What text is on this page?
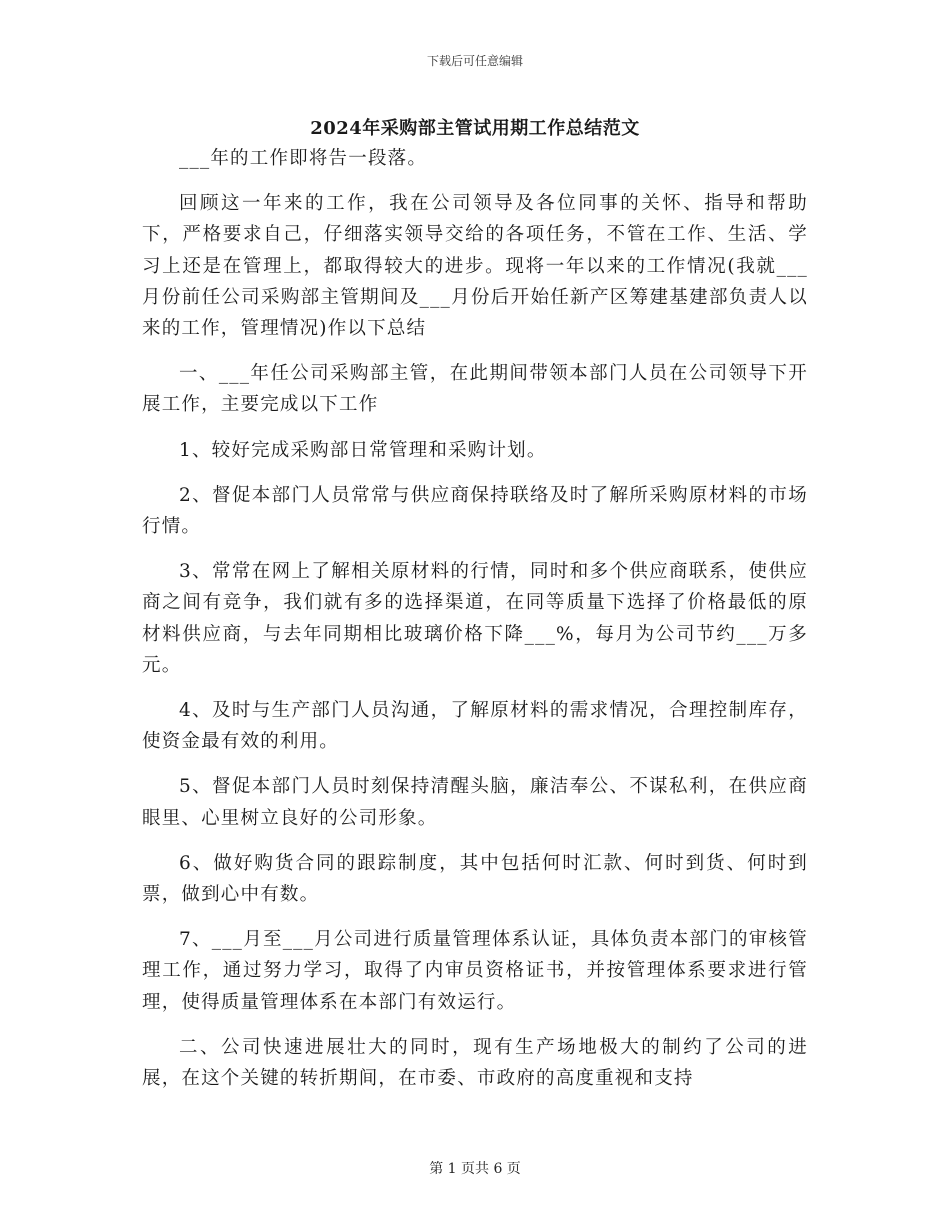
下载后可任意编辑
2024年采购部主管试用期工作总结范文

___年的工作即将告一段落。

回顾这一年来的工作，我在公司领导及各位同事的关怀、指导和帮助下，严格要求自己，仔细落实领导交给的各项任务，不管在工作、生活、学习上还是在管理上，都取得较大的进步。现将一年以来的工作情况(我就___月份前任公司采购部主管期间及___月份后开始任新产区筹建基建部负责人以来的工作，管理情况)作以下总结

一、___年任公司采购部主管，在此期间带领本部门人员在公司领导下开展工作，主要完成以下工作

1、较好完成采购部日常管理和采购计划。

2、督促本部门人员常常与供应商保持联络及时了解所采购原材料的市场行情。

3、常常在网上了解相关原材料的行情，同时和多个供应商联系，使供应商之间有竞争，我们就有多的选择渠道，在同等质量下选择了价格最低的原材料供应商，与去年同期相比玻璃价格下降___%，每月为公司节约___万多元。

4、及时与生产部门人员沟通，了解原材料的需求情况，合理控制库存，使资金最有效的利用。

5、督促本部门人员时刻保持清醒头脑，廉洁奉公、不谋私利，在供应商眼里、心里树立良好的公司形象。

6、做好购货合同的跟踪制度，其中包括何时汇款、何时到货、何时到票，做到心中有数。

7、___月至___月公司进行质量管理体系认证，具体负责本部门的审核管理工作，通过努力学习，取得了内审员资格证书，并按管理体系要求进行管理，使得质量管理体系在本部门有效运行。

二、公司快速进展壮大的同时，现有生产场地极大的制约了公司的进展，在这个关键的转折期间，在市委、市政府的高度重视和支持

第 1 页共 6 页
